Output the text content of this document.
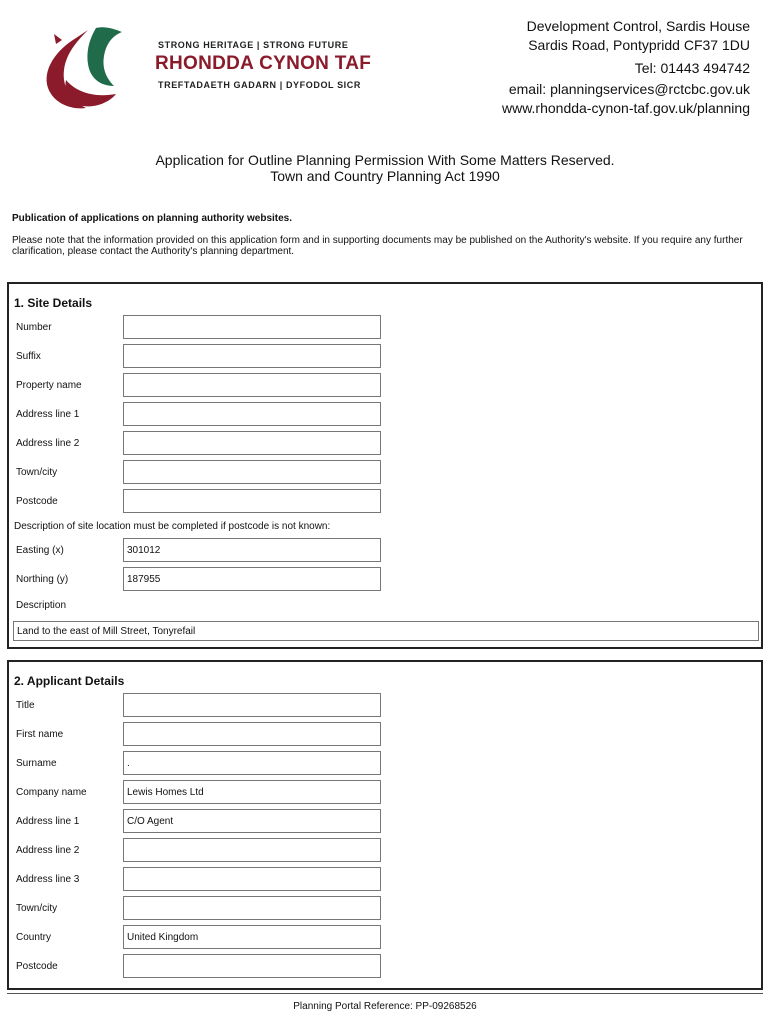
STRONG HERITAGE | STRONG FUTURE
RHONDDA CYNON TAF
TREFTADAETH GADARN | DYFODOL SICR
Development Control, Sardis House
Sardis Road, Pontypridd CF37 1DU
Tel: 01443 494742
email: planningservices@rctcbc.gov.uk
www.rhondda-cynon-taf.gov.uk/planning
Application for Outline Planning Permission With Some Matters Reserved.
Town and Country Planning Act 1990
Publication of applications on planning authority websites.
Please note that the information provided on this application form and in supporting documents may be published on the Authority's website. If you require any further clarification, please contact the Authority's planning department.
1. Site Details
Number
Suffix
Property name
Address line 1
Address line 2
Town/city
Postcode
Description of site location must be completed if postcode is not known:
Easting (x)	301012
Northing (y)	187955
Description
Land to the east of Mill Street, Tonyrefail
2. Applicant Details
Title
First name
Surname	.
Company name	Lewis Homes Ltd
Address line 1	C/O Agent
Address line 2
Address line 3
Town/city
Country	United Kingdom
Postcode
Planning Portal Reference: PP-09268526
